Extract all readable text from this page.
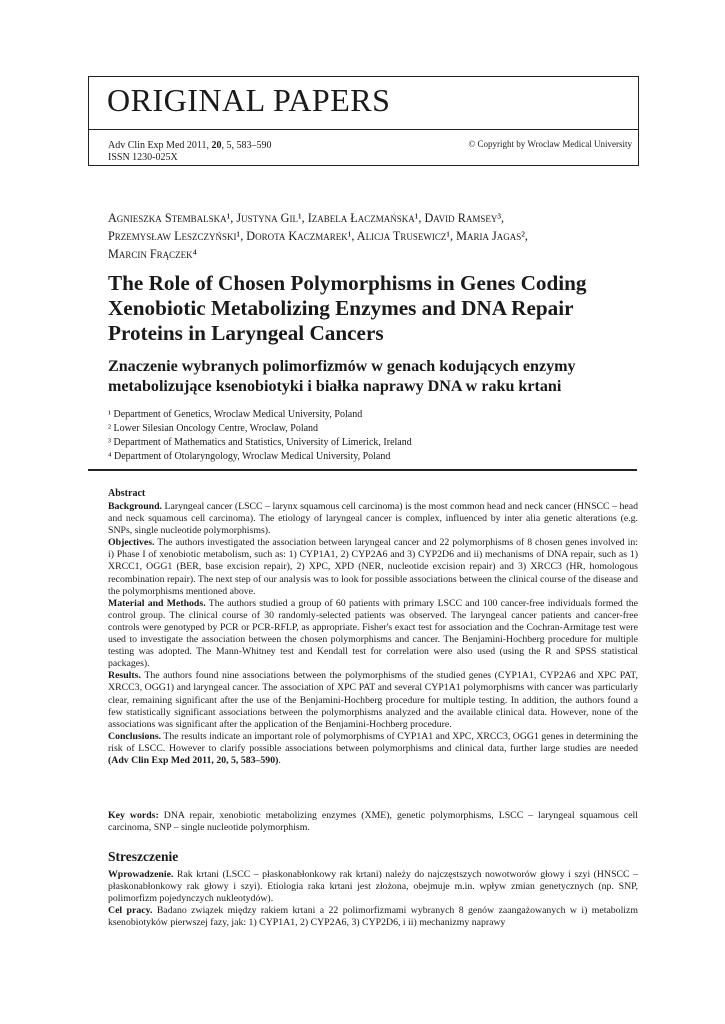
ORIGINAL PAPERS
Adv Clin Exp Med 2011, 20, 5, 583–590
ISSN 1230-025X
© Copyright by Wroclaw Medical University
Agnieszka Stembalska¹, Justyna Gil¹, Izabela Łaczmańska¹, David Ramsey³,
Przemysław Leszczyński¹, Dorota Kaczmarek¹, Alicja Trusewicz¹, Maria Jagas²,
Marcin Frączek⁴
The Role of Chosen Polymorphisms in Genes Coding Xenobiotic Metabolizing Enzymes and DNA Repair Proteins in Laryngeal Cancers
Znaczenie wybranych polimorfizmów w genach kodujących enzymy metabolizujące ksenobiotyki i białka naprawy DNA w raku krtani
¹ Department of Genetics, Wroclaw Medical University, Poland
² Lower Silesian Oncology Centre, Wrocław, Poland
³ Department of Mathematics and Statistics, University of Limerick, Ireland
⁴ Department of Otolaryngology, Wroclaw Medical University, Poland
Abstract
Background. Laryngeal cancer (LSCC – larynx squamous cell carcinoma) is the most common head and neck cancer (HNSCC – head and neck squamous cell carcinoma). The etiology of laryngeal cancer is complex, influenced by inter alia genetic alterations (e.g. SNPs, single nucleotide polymorphisms).
Objectives. The authors investigated the association between laryngeal cancer and 22 polymorphisms of 8 chosen genes involved in: i) Phase I of xenobiotic metabolism, such as: 1) CYP1A1, 2) CYP2A6 and 3) CYP2D6 and ii) mechanisms of DNA repair, such as 1) XRCC1, OGG1 (BER, base excision repair), 2) XPC, XPD (NER, nucleotide excision repair) and 3) XRCC3 (HR, homologous recombination repair). The next step of our analysis was to look for possible associations between the clinical course of the disease and the polymorphisms mentioned above.
Material and Methods. The authors studied a group of 60 patients with primary LSCC and 100 cancer-free individuals formed the control group. The clinical course of 30 randomly-selected patients was observed. The laryngeal cancer patients and cancer-free controls were genotyped by PCR or PCR-RFLP, as appropriate. Fisher's exact test for association and the Cochran-Armitage test were used to investigate the association between the chosen polymorphisms and cancer. The Benjamini-Hochberg procedure for multiple testing was adopted. The Mann-Whitney test and Kendall test for correlation were also used (using the R and SPSS statistical packages).
Results. The authors found nine associations between the polymorphisms of the studied genes (CYP1A1, CYP2A6 and XPC PAT, XRCC3, OGG1) and laryngeal cancer. The association of XPC PAT and several CYP1A1 polymorphisms with cancer was particularly clear, remaining significant after the use of the Benjamini-Hochberg procedure for multiple testing. In addition, the authors found a few statistically significant associations between the polymorphisms analyzed and the available clinical data. However, none of the associations was significant after the application of the Benjamini-Hochberg procedure.
Conclusions. The results indicate an important role of polymorphisms of CYP1A1 and XPC, XRCC3, OGG1 genes in determining the risk of LSCC. However to clarify possible associations between polymorphisms and clinical data, further large studies are needed (Adv Clin Exp Med 2011, 20, 5, 583–590).
Key words: DNA repair, xenobiotic metabolizing enzymes (XME), genetic polymorphisms, LSCC – laryngeal squamous cell carcinoma, SNP – single nucleotide polymorphism.
Streszczenie
Wprowadzenie. Rak krtani (LSCC – płaskonabłonkowy rak krtani) należy do najczęstszych nowotworów głowy i szyi (HNSCC – płaskonabłonkowy rak głowy i szyi). Etiologia raka krtani jest złożona, obejmuje m.in. wpływ zmian genetycznych (np. SNP, polimorfizm pojedynczych nukleotydów).
Cel pracy. Badano związek między rakiem krtani a 22 polimorfizmami wybranych 8 genów zaangażowanych w i) metabolizm ksenobiotyków pierwszej fazy, jak: 1) CYP1A1, 2) CYP2A6, 3) CYP2D6, i ii) mechanizmy naprawy
